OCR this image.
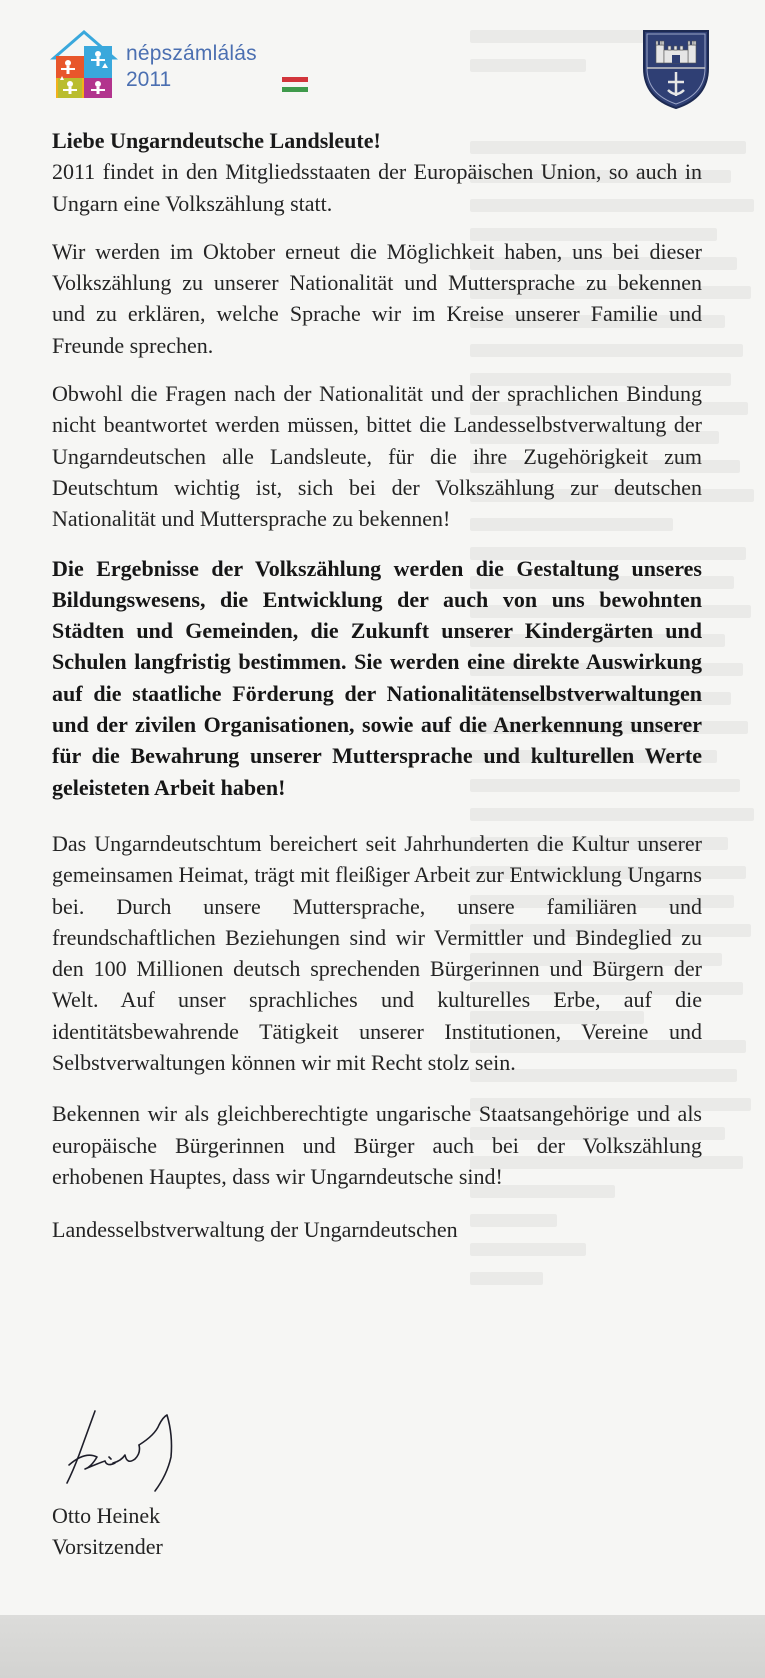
népszámlálás
2011

Liebe Ungarndeutsche Landsleute!

2011 findet in den Mitgliedsstaaten der Europäischen Union, so auch in Ungarn eine Volkszählung statt.

Wir werden im Oktober erneut die Möglichkeit haben, uns bei dieser Volkszählung zu unserer Nationalität und Muttersprache zu bekennen und zu erklären, welche Sprache wir im Kreise unserer Familie und Freunde sprechen.

Obwohl die Fragen nach der Nationalität und der sprachlichen Bindung nicht beantwortet werden müssen, bittet die Landesselbstverwaltung der Ungarndeutschen alle Landsleute, für die ihre Zugehörigkeit zum Deutschtum wichtig ist, sich bei der Volkszählung zur deutschen Nationalität und Muttersprache zu bekennen!

Die Ergebnisse der Volkszählung werden die Gestaltung unseres Bildungswesens, die Entwicklung der auch von uns bewohnten Städten und Gemeinden, die Zukunft unserer Kindergärten und Schulen langfristig bestimmen. Sie werden eine direkte Auswirkung auf die staatliche Förderung der Nationalitätenselbstverwaltungen und der zivilen Organisationen, sowie auf die Anerkennung unserer für die Bewahrung unserer Muttersprache und kulturellen Werte geleisteten Arbeit haben!

Das Ungarndeutschtum bereichert seit Jahrhunderten die Kultur unserer gemeinsamen Heimat, trägt mit fleißiger Arbeit zur Entwicklung Ungarns bei. Durch unsere Muttersprache, unsere familiären und freundschaftlichen Beziehungen sind wir Vermittler und Bindeglied zu den 100 Millionen deutsch sprechenden Bürgerinnen und Bürgern der Welt. Auf unser sprachliches und kulturelles Erbe, auf die identitätsbewahrende Tätigkeit unserer Institutionen, Vereine und Selbstverwaltungen können wir mit Recht stolz sein.

Bekennen wir als gleichberechtigte ungarische Staatsangehörige und als europäische Bürgerinnen und Bürger auch bei der Volkszählung erhobenen Hauptes, dass wir Ungarndeutsche sind!

Landesselbstverwaltung der Ungarndeutschen

Otto Heinek
Vorsitzender
